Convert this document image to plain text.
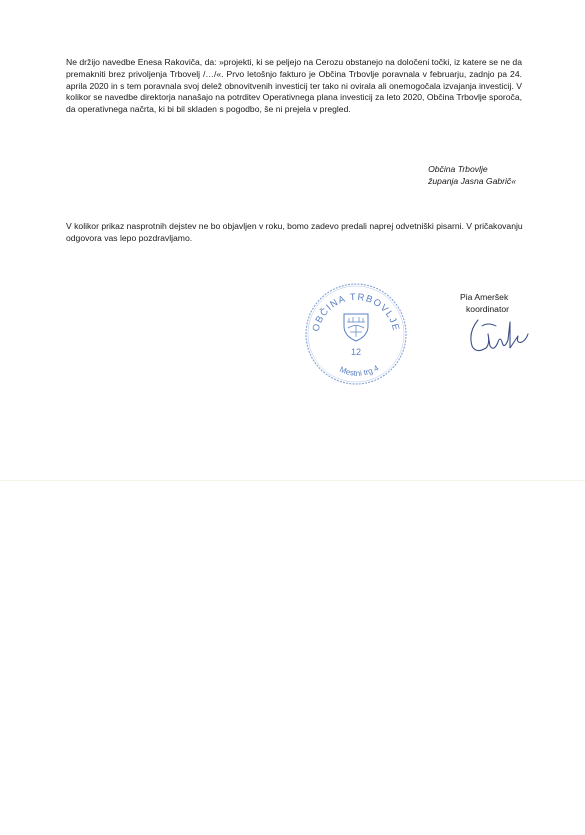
Ne držijo navedbe Enesa Rakoviča, da: »projekti, ki se peljejo na Cerozu obstanejo na določeni točki, iz katere se ne da premakniti brez privoljenja Trbovelj /…/«. Prvo letošnjo fakturo je Občina Trbovlje poravnala v februarju, zadnjo pa 24. aprila 2020 in s tem poravnala svoj delež obnovitvenih investicij ter tako ni ovirala ali onemogočala izvajanja investicij. V kolikor se navedbe direktorja nanašajo na potrditev Operativnega plana investicij za leto 2020, Občina Trbovlje sporoča, da operativnega načrta, ki bi bil skladen s pogodbo, še ni prejela v pregled.

Občina Trbovlje
županja Jasna Gabrič«

V kolikor prikaz nasprotnih dejstev ne bo objavljen v roku, bomo zadevo predali naprej odvetniški pisarni. V pričakovanju odgovora vas lepo pozdravljamo.

OBČINA TRBOVLJE
12
Mestni trg 4
Pia Ameršek
koordinator
